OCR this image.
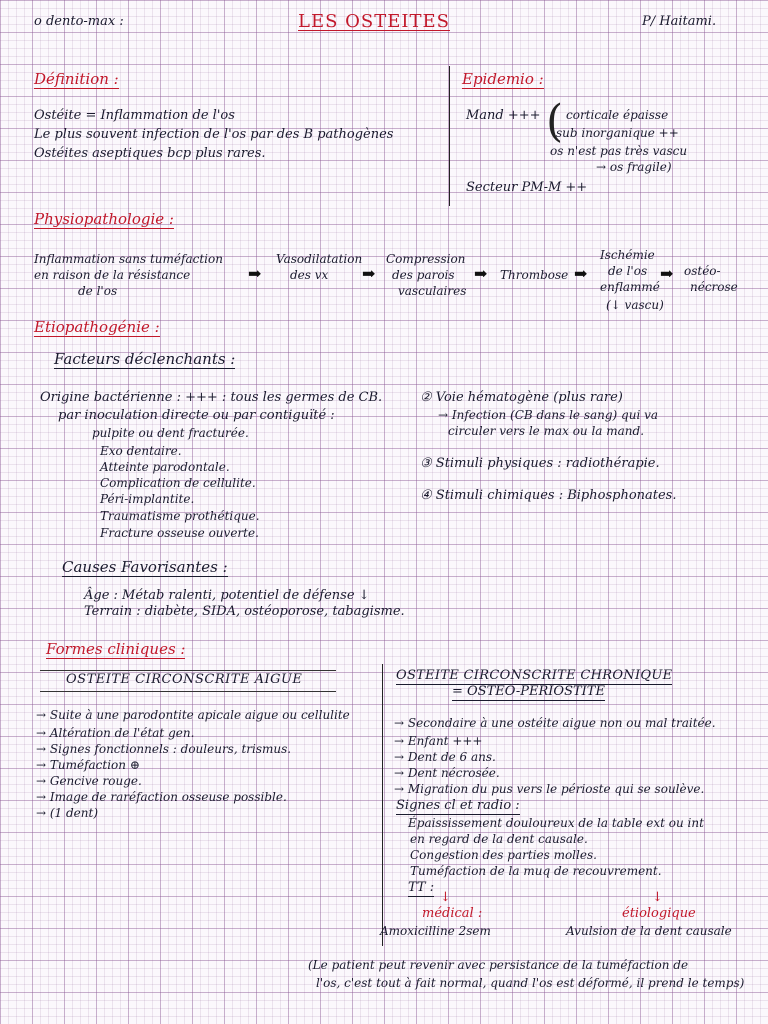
o dento-max :	LES OSTEITES	P/ Haitami.
Définition :
Ostéite = Inflammation de l'os
Le plus souvent infection de l'os par des B pathogènes
Ostéites aseptiques bcp plus rares.
Epidemio :
Mand +++ ( corticale épaisse
sub inorganique ++
os n'est pas très vascu
→ os fragile)
Secteur PM-M ++
Physiopathologie :
Inflammation sans tuméfaction
en raison de la résistance
de l'os
➡
Vasodilatation
des vx ➡
Compression
des parois
vasculaires
➡ Thrombose ➡
Ischémie
de l'os
enflammé
(↓ vascu)
➡ ostéo-
nécrose
Etiopathogénie :
Facteurs déclenchants :
Origine bactérienne : +++ : tous les germes de CB.
par inoculation directe ou par contiguïté :
pulpite ou dent fracturée.
Exo dentaire.
Atteinte parodontale.
Complication de cellulite.
Péri-implantite.
Traumatisme prothétique.
Fracture osseuse ouverte.
② Voie hématogène (plus rare)
→ Infection (CB dans le sang) qui va
circuler vers le max ou la mand.
③ Stimuli physiques : radiothérapie.
④ Stimuli chimiques : Biphosphonates.
Causes Favorisantes :
Âge : Métab ralenti, potentiel de défense ↓
Terrain : diabète, SIDA, ostéoporose, tabagisme.
Formes cliniques :
OSTEITE CIRCONSCRITE AIGUE
→ Suite à une parodontite apicale aigue ou cellulite
→ Altération de l'état gen.
→ Signes fonctionnels : douleurs, trismus.
→ Tuméfaction ⊕
→ Gencive rouge.
→ Image de raréfaction osseuse possible.
→ (1 dent)
OSTEITE CIRCONSCRITE CHRONIQUE
= OSTEO-PERIOSTITE
→ Secondaire à une ostéite aigue non ou mal traitée.
→ Enfant +++
→ Dent de 6 ans.
→ Dent nécrosée.
→ Migration du pus vers le périoste qui se soulève.
Signes cl et radio :
Épaississement douloureux de la table ext ou int
en regard de la dent causale.
Congestion des parties molles.
Tuméfaction de la muq de recouvrement.
TT :
↓	↓
médical :	étiologique
Amoxicilline 2sem	Avulsion de la dent causale
(Le patient peut revenir avec persistance de la tuméfaction de
l'os, c'est tout à fait normal, quand l'os est déformé, il prend le temps)
